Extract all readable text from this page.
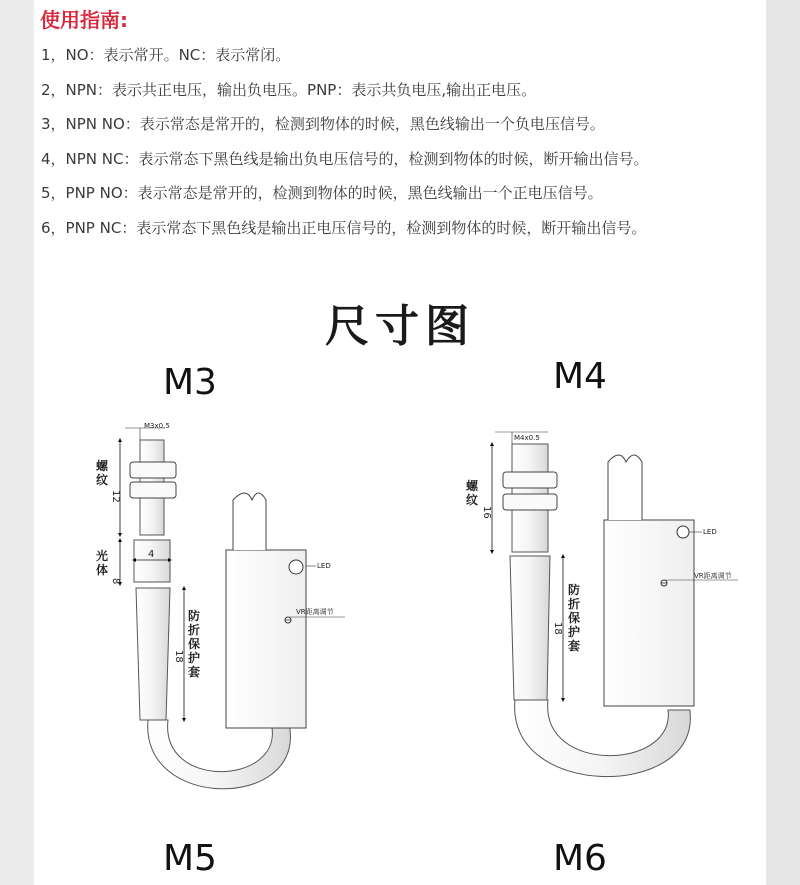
使用指南:
1，NO：表示常开。NC：表示常闭。
2，NPN：表示共正电压，输出负电压。PNP：表示共负电压,输出正电压。
3，NPN NO：表示常态是常开的，检测到物体的时候，黑色线输出一个负电压信号。
4，NPN NC：表示常态下黑色线是输出负电压信号的，检测到物体的时候，断开输出信号。
5，PNP NO：表示常态是常开的，检测到物体的时候，黑色线输出一个正电压信号。
6，PNP NC：表示常态下黑色线是输出正电压信号的，检测到物体的时候，断开输出信号。
尺寸图
M3	M4
M5	M6
M3x0.5
螺纹
12
4
光体
8
防折保护套
18
LED
VR距离调节
M4x0.5
螺纹
16
防折保护套
18
LED
VR距离调节
